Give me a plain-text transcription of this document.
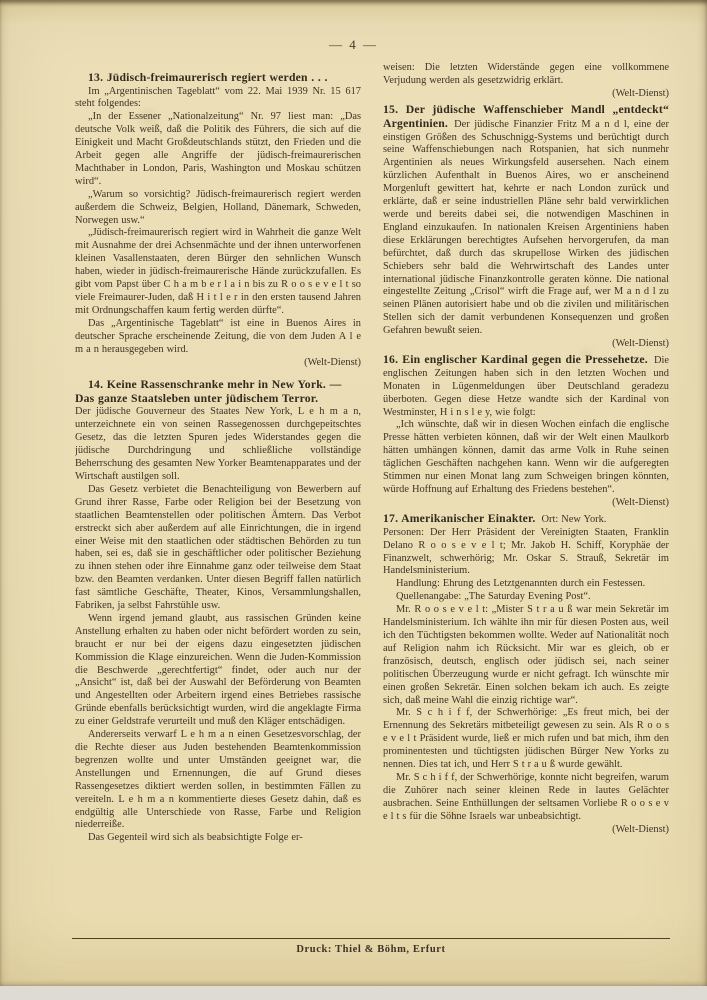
— 4 —

13. Jüdisch-freimaurerisch regiert werden . . .

Im „Argentinischen Tageblatt“ vom 22. Mai 1939 Nr. 15 617 steht folgendes:

„In der Essener „Nationalzeitung“ Nr. 97 liest man: „Das deutsche Volk weiß, daß die Politik des Führers, die sich auf die Einigkeit und Macht Großdeutschlands stützt, den Frieden und die Arbeit gegen alle Angriffe der jüdisch-freimaurerischen Machthaber in London, Paris, Washington und Moskau schützen wird“.

„Warum so vorsichtig? Jüdisch-freimaurerisch regiert werden außerdem die Schweiz, Belgien, Holland, Dänemark, Schweden, Norwegen usw.“

„Jüdisch-freimaurerisch regiert wird in Wahrheit die ganze Welt mit Ausnahme der drei Achsenmächte und der ihnen unterworfenen kleinen Vasallenstaaten, deren Bürger den sehnlichen Wunsch haben, wieder in jüdisch-freimaurerische Hände zurückzufallen. Es gibt vom Papst über C h a m b e r l a i n bis zu R o o s e v e l t so viele Freimaurer-Juden, daß H i t l e r in den ersten tausend Jahren mit Ordnungschaffen kaum fertig werden dürfte“.

Das „Argentinische Tageblatt“ ist eine in Buenos Aires in deutscher Sprache erscheinende Zeitung, die von dem Juden A l e m a n herausgegeben wird.

(Welt-Dienst)

14. Keine Rassenschranke mehr in New York. — Das ganze Staatsleben unter jüdischem Terror.

Der jüdische Gouverneur des Staates New York, L e h m a n, unterzeichnete ein von seinen Rassegenossen durchgepeitschtes Gesetz, das die letzten Spuren jedes Widerstandes gegen die jüdische Durchdringung und schließliche vollständige Beherrschung des gesamten New Yorker Beamtenapparates und der Wirtschaft austilgen soll.

Das Gesetz verbietet die Benachteiligung von Bewerbern auf Grund ihrer Rasse, Farbe oder Religion bei der Besetzung von staatlichen Beamtenstellen oder politischen Ämtern. Das Verbot erstreckt sich aber außerdem auf alle Einrichtungen, die in irgend einer Weise mit den staatlichen oder städtischen Behörden zu tun haben, sei es, daß sie in geschäftlicher oder politischer Beziehung zu ihnen stehen oder ihre Einnahme ganz oder teilweise dem Staat bzw. den Beamten verdanken. Unter diesen Begriff fallen natürlich fast sämtliche Geschäfte, Theater, Kinos, Versammlungshallen, Fabriken, ja selbst Fahrstühle usw.

Wenn irgend jemand glaubt, aus rassischen Gründen keine Anstellung erhalten zu haben oder nicht befördert worden zu sein, braucht er nur bei der eigens dazu eingesetzten jüdischen Kommission die Klage einzureichen. Wenn die Juden-Kommission die Beschwerde „gerechtfertigt“ findet, oder auch nur der „Ansicht“ ist, daß bei der Auswahl der Beförderung von Beamten und Angestellten oder Arbeitern irgend eines Betriebes rassische Gründe ebenfalls berücksichtigt wurden, wird die angeklagte Firma zu einer Geldstrafe verurteilt und muß den Kläger entschädigen.

Andererseits verwarf L e h m a n einen Gesetzesvorschlag, der die Rechte dieser aus Juden bestehenden Beamtenkommission begrenzen wollte und unter Umständen geeignet war, die Anstellungen und Ernennungen, die auf Grund dieses Rassengesetzes diktiert werden sollen, in bestimmten Fällen zu vereiteln. L e h m a n kommentierte dieses Gesetz dahin, daß es endgültig alle Unterschiede von Rasse, Farbe und Religion niederreiße.

Das Gegenteil wird sich als beabsichtigte Folge er-

weisen: Die letzten Widerstände gegen eine vollkommene Verjudung werden als gesetzwidrig erklärt.

(Welt-Dienst)

15. Der jüdische Waffenschieber Mandl „entdeckt“ Argentinien. Der jüdische Finanzier Fritz M a n d l, eine der einstigen Größen des Schuschnigg-Systems und berüchtigt durch seine Waffenschiebungen nach Rotspanien, hat sich nunmehr Argentinien als neues Wirkungsfeld ausersehen. Nach einem kürzlichen Aufenthalt in Buenos Aires, wo er anscheinend Morgenluft gewittert hat, kehrte er nach London zurück und erklärte, daß er seine industriellen Pläne sehr bald verwirklichen werde und bereits dabei sei, die notwendigen Maschinen in England einzukaufen. In nationalen Kreisen Argentiniens haben diese Erklärungen berechtigtes Aufsehen hervorgerufen, da man befürchtet, daß durch das skrupellose Wirken des jüdischen Schiebers sehr bald die Wehrwirtschaft des Landes unter international jüdische Finanzkontrolle geraten könne. Die national eingestellte Zeitung „Crisol“ wirft die Frage auf, wer M a n d l zu seinen Plänen autorisiert habe und ob die zivilen und militärischen Stellen sich der damit verbundenen Konsequenzen und großen Gefahren bewußt seien.

(Welt-Dienst)

16. Ein englischer Kardinal gegen die Pressehetze. Die englischen Zeitungen haben sich in den letzten Wochen und Monaten in Lügenmeldungen über Deutschland geradezu überboten. Gegen diese Hetze wandte sich der Kardinal von Westminster, H i n s l e y, wie folgt:

„Ich wünschte, daß wir in diesen Wochen einfach die englische Presse hätten verbieten können, daß wir der Welt einen Maulkorb hätten umhängen können, damit das arme Volk in Ruhe seinen täglichen Geschäften nachgehen kann. Wenn wir die aufgeregten Stimmen nur einen Monat lang zum Schweigen bringen könnten, würde Hoffnung auf Erhaltung des Friedens bestehen“.

(Welt-Dienst)

17. Amerikanischer Einakter. Ort: New York.

Personen: Der Herr Präsident der Vereinigten Staaten, Franklin Delano R o o s e v e l t; Mr. Jakob H. Schiff, Koryphäe der Finanzwelt, schwerhörig; Mr. Oskar S. Strauß, Sekretär im Handelsministerium.

Handlung: Ehrung des Letztgenannten durch ein Festessen.

Quellenangabe: „The Saturday Evening Post“.

Mr. R o o s e v e l t: „Mister S t r a u ß war mein Sekretär im Handelsministerium. Ich wählte ihn mir für diesen Posten aus, weil ich den Tüchtigsten bekommen wollte. Weder auf Nationalität noch auf Religion nahm ich Rücksicht. Mir war es gleich, ob er französisch, deutsch, englisch oder jüdisch sei, nach seiner politischen Überzeugung wurde er nicht gefragt. Ich wünschte mir einen großen Sekretär. Einen solchen bekam ich auch. Es zeigte sich, daß meine Wahl die einzig richtige war“.

Mr. S c h i f f, der Schwerhörige: „Es freut mich, bei der Ernennung des Sekretärs mitbeteiligt gewesen zu sein. Als R o o s e v e l t Präsident wurde, ließ er mich rufen und bat mich, ihm den prominentesten und tüchtigsten jüdischen Bürger New Yorks zu nennen. Dies tat ich, und Herr S t r a u ß wurde gewählt.

Mr. S c h i f f, der Schwerhörige, konnte nicht begreifen, warum die Zuhörer nach seiner kleinen Rede in lautes Gelächter ausbrachen. Seine Enthüllungen der seltsamen Vorliebe R o o s e v e l t s für die Söhne Israels war unbeabsichtigt.

(Welt-Dienst)

Druck: Thiel & Böhm, Erfurt
